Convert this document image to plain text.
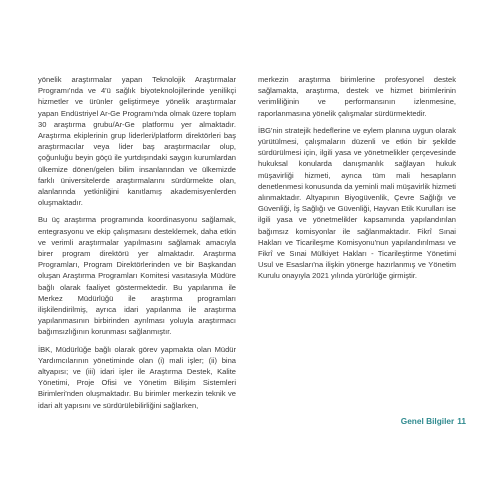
yönelik araştırmalar yapan Teknolojik Araştırmalar Programı'nda ve 4'ü sağlık biyoteknolojilerinde yenilikçi hizmetler ve ürünler geliştirmeye yönelik araştırmalar yapan Endüstriyel Ar-Ge Programı'nda olmak üzere toplam 30 araştırma grubu/Ar-Ge platformu yer almaktadır. Araştırma ekiplerinin grup liderleri/platform direktörleri baş araştırmacılar veya lider baş araştırmacılar olup, çoğunluğu beyin göçü ile yurtdışındaki saygın kurumlardan ülkemize dönen/gelen bilim insanlarından ve ülkemizde farklı üniversitelerde araştırmalarını sürdürmekte olan, alanlarında yetkinliğini kanıtlamış akademisyenlerden oluşmaktadır.

Bu üç araştırma programında koordinasyonu sağlamak, entegrasyonu ve ekip çalışmasını desteklemek, daha etkin ve verimli araştırmalar yapılmasını sağlamak amacıyla birer program direktörü yer almaktadır. Araştırma Programları, Program Direktörlerinden ve bir Başkandan oluşan Araştırma Programları Komitesi vasıtasıyla Müdüre bağlı olarak faaliyet göstermektedir. Bu yapılanma ile Merkez Müdürlüğü ile araştırma programları ilişkilendirilmiş, ayrıca idari yapılanma ile araştırma yapılanmasının birbirinden ayrılması yoluyla araştırmacı bağımsızlığının korunması sağlanmıştır.

İBK, Müdürlüğe bağlı olarak görev yapmakta olan Müdür Yardımcılarının yönetiminde olan (i) mali işler; (ii) bina altyapısı; ve (iii) idari işler ile Araştırma Destek, Kalite Yönetimi, Proje Ofisi ve Yönetim Bilişim Sistemleri Birimleri'nden oluşmaktadır. Bu birimler merkezin teknik ve idari alt yapısını ve sürdürülebilirliğini sağlarken,

merkezin araştırma birimlerine profesyonel destek sağlamakta, araştırma, destek ve hizmet birimlerinin verimliliğinin ve performansının izlenmesine, raporlanmasına yönelik çalışmalar sürdürmektedir.

İBG'nin stratejik hedeflerine ve eylem planına uygun olarak yürütülmesi, çalışmaların düzenli ve etkin bir şekilde sürdürülmesi için, ilgili yasa ve yönetmelikler çerçevesinde hukuksal konularda danışmanlık sağlayan hukuk müşavirliği hizmeti, ayrıca tüm mali hesapların denetlenmesi konusunda da yeminli mali müşavirlik hizmeti alınmaktadır. Altyapının Biyogüvenlik, Çevre Sağlığı ve Güvenliği, İş Sağlığı ve Güvenliği, Hayvan Etik Kurulları ise ilgili yasa ve yönetmelikler kapsamında yapılandırılan bağımsız komisyonlar ile sağlanmaktadır. Fikrî Sınai Hakları ve Ticarileşme Komisyonu'nun yapılandırılması ve Fikrî ve Sınai Mülkiyet Hakları - Ticarileştirme Yönetimi Usul ve Esasları'na ilişkin yönerge hazırlanmış ve Yönetim Kurulu onayıyla 2021 yılında yürürlüğe girmiştir.

Genel Bilgiler 11
